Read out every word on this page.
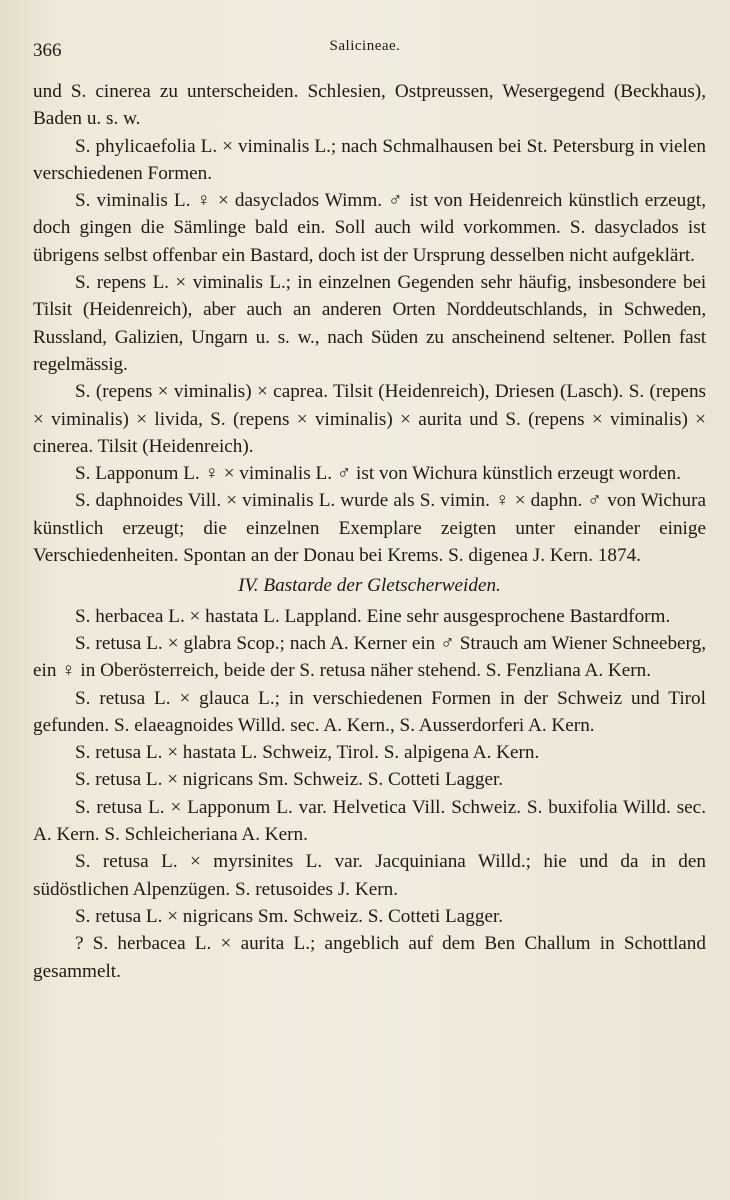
366	Salicineae.

und S. cinerea zu unterscheiden. Schlesien, Ostpreussen, Wesergegend (Beckhaus), Baden u. s. w.

S. phylicaefolia L. × viminalis L.; nach Schmalhausen bei St. Petersburg in vielen verschiedenen Formen.

S. viminalis L. ♀ × dasyclados Wimm. ♂ ist von Heidenreich künstlich erzeugt, doch gingen die Sämlinge bald ein. Soll auch wild vorkommen. S. dasyclados ist übrigens selbst offenbar ein Bastard, doch ist der Ursprung desselben nicht aufgeklärt.

S. repens L. × viminalis L.; in einzelnen Gegenden sehr häufig, insbesondere bei Tilsit (Heidenreich), aber auch an anderen Orten Norddeutschlands, in Schweden, Russland, Galizien, Ungarn u. s. w., nach Süden zu anscheinend seltener. Pollen fast regelmässig.

S. (repens × viminalis) × caprea. Tilsit (Heidenreich), Driesen (Lasch). S. (repens × viminalis) × livida, S. (repens × viminalis) × aurita und S. (repens × viminalis) × cinerea. Tilsit (Heidenreich).

S. Lapponum L. ♀ × viminalis L. ♂ ist von Wichura künstlich erzeugt worden.

S. daphnoides Vill. × viminalis L. wurde als S. vimin. ♀ × daphn. ♂ von Wichura künstlich erzeugt; die einzelnen Exemplare zeigten unter einander einige Verschiedenheiten. Spontan an der Donau bei Krems. S. digenea J. Kern. 1874.

IV. Bastarde der Gletscherweiden.

S. herbacea L. × hastata L. Lappland. Eine sehr ausgesprochene Bastardform.

S. retusa L. × glabra Scop.; nach A. Kerner ein ♂ Strauch am Wiener Schneeberg, ein ♀ in Oberösterreich, beide der S. retusa näher stehend. S. Fenzliana A. Kern.

S. retusa L. × glauca L.; in verschiedenen Formen in der Schweiz und Tirol gefunden. S. elaeagnoides Willd. sec. A. Kern., S. Ausserdorferi A. Kern.

S. retusa L. × hastata L. Schweiz, Tirol. S. alpigena A. Kern.

S. retusa L. × nigricans Sm. Schweiz. S. Cotteti Lagger.

S. retusa L. × Lapponum L. var. Helvetica Vill. Schweiz. S. buxifolia Willd. sec. A. Kern. S. Schleicheriana A. Kern.

S. retusa L. × myrsinites L. var. Jacquiniana Willd.; hie und da in den südöstlichen Alpenzügen. S. retusoides J. Kern.

S. retusa L. × nigricans Sm. Schweiz. S. Cotteti Lagger.

? S. herbacea L. × aurita L.; angeblich auf dem Ben Challum in Schottland gesammelt.
